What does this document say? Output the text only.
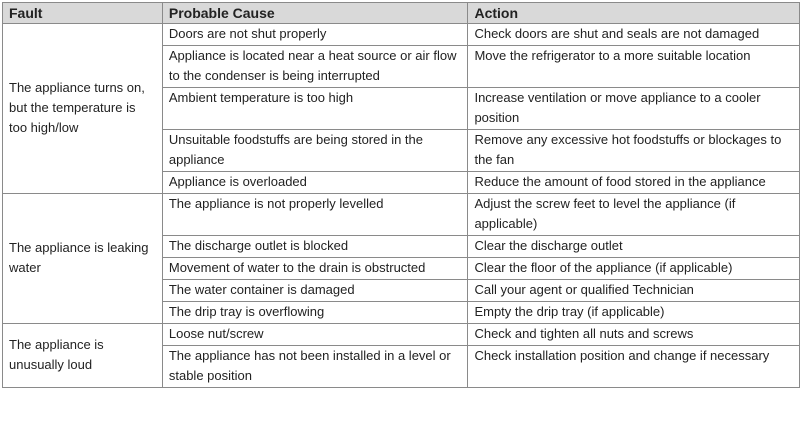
Fault	Probable Cause	Action
The appliance turns on, but the temperature is too high/low	Doors are not shut properly	Check doors are shut and seals are not damaged
	Appliance is located near a heat source or air flow to the condenser is being interrupted	Move the refrigerator to a more suitable location
	Ambient temperature is too high	Increase ventilation or move appliance to a cooler position
	Unsuitable foodstuffs are being stored in the appliance	Remove any excessive hot foodstuffs or blockages to the fan
	Appliance is overloaded	Reduce the amount of food stored in the appliance
The appliance is leaking water	The appliance is not properly levelled	Adjust the screw feet to level the appliance (if applicable)
	The discharge outlet is blocked	Clear the discharge outlet
	Movement of water to the drain is obstructed	Clear the floor of the appliance (if applicable)
	The water container is damaged	Call your agent or qualified Technician
	The drip tray is overflowing	Empty the drip tray (if applicable)
The appliance is unusually loud	Loose nut/screw	Check and tighten all nuts and screws
	The appliance has not been installed in a level or stable position	Check installation position and change if necessary
